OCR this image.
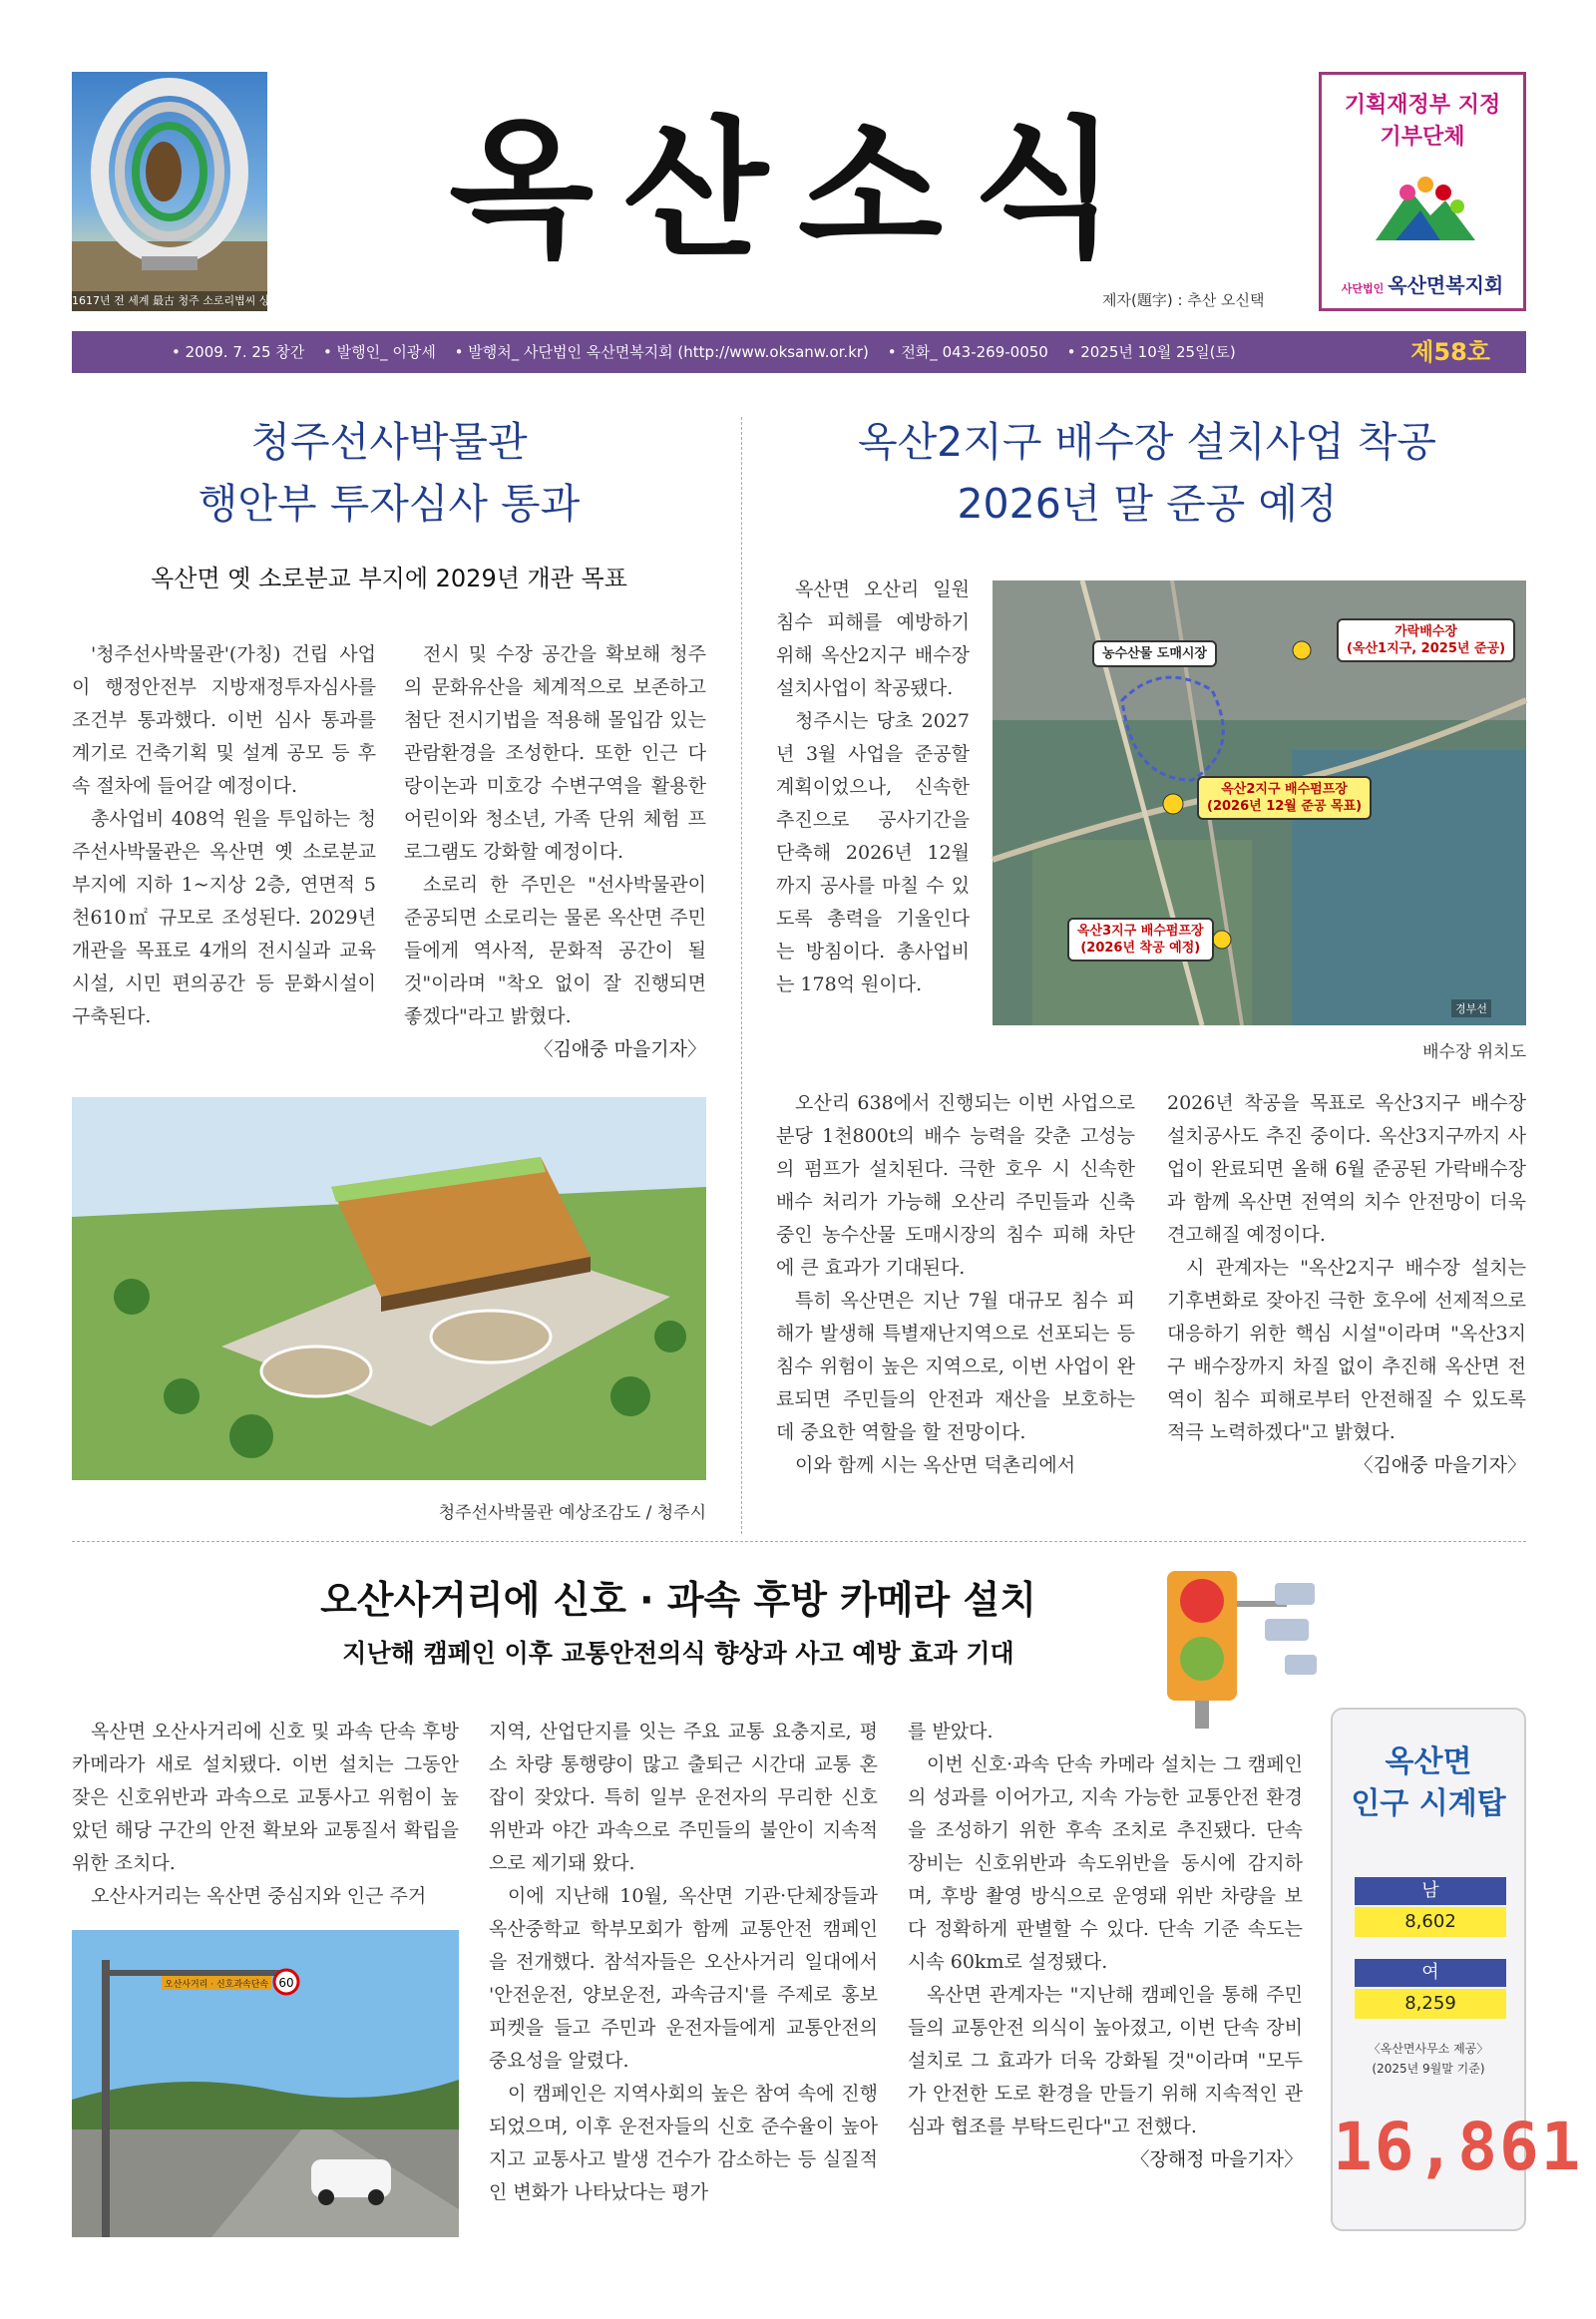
1617년 전 세계 最古 청주 소로리볍씨 상징탑
옥산소식
제자(題字) : 추산 오신택
기획재정부 지정
기부단체
사단법인 옥산면복지회
• 2009. 7. 25 창간 • 발행인_ 이광세 • 발행처_ 사단법인 옥산면복지회 (http://www.oksanw.or.kr) • 전화_ 043-269-0050 • 2025년 10월 25일(토)	제58호
청주선사박물관
행안부 투자심사 통과
옥산면 옛 소로분교 부지에 2029년 개관 목표

'청주선사박물관'(가칭) 건립 사업이 행정안전부 지방재정투자심사를 조건부 통과했다. 이번 심사 통과를 계기로 건축기획 및 설계 공모 등 후속 절차에 들어갈 예정이다.

총사업비 408억 원을 투입하는 청주선사박물관은 옥산면 옛 소로분교 부지에 지하 1~지상 2층, 연면적 5천610㎡ 규모로 조성된다. 2029년 개관을 목표로 4개의 전시실과 교육시설, 시민 편의공간 등 문화시설이 구축된다.

전시 및 수장 공간을 확보해 청주의 문화유산을 체계적으로 보존하고 첨단 전시기법을 적용해 몰입감 있는 관람환경을 조성한다. 또한 인근 다랑이논과 미호강 수변구역을 활용한 어린이와 청소년, 가족 단위 체험 프로그램도 강화할 예정이다.

소로리 한 주민은 "선사박물관이 준공되면 소로리는 물론 옥산면 주민들에게 역사적, 문화적 공간이 될 것"이라며 "착오 없이 잘 진행되면 좋겠다"라고 밝혔다.

〈김애중 마을기자〉
청주선사박물관 예상조감도 / 청주시
옥산2지구 배수장 설치사업 착공
2026년 말 준공 예정

옥산면 오산리 일원 침수 피해를 예방하기 위해 옥산2지구 배수장 설치사업이 착공됐다.

청주시는 당초 2027년 3월 사업을 준공할 계획이었으나, 신속한 추진으로 공사기간을 단축해 2026년 12월까지 공사를 마칠 수 있도록 총력을 기울인다는 방침이다. 총사업비는 178억 원이다.

가락배수장
(옥산1지구, 2025년 준공)
농수산물 도매시장
옥산2지구 배수펌프장
(2026년 12월 준공 목표)
옥산3지구 배수펌프장
(2026년 착공 예정)
경부선
배수장 위치도

오산리 638에서 진행되는 이번 사업으로 분당 1천800t의 배수 능력을 갖춘 고성능의 펌프가 설치된다. 극한 호우 시 신속한 배수 처리가 가능해 오산리 주민들과 신축 중인 농수산물 도매시장의 침수 피해 차단에 큰 효과가 기대된다.

특히 옥산면은 지난 7월 대규모 침수 피해가 발생해 특별재난지역으로 선포되는 등 침수 위험이 높은 지역으로, 이번 사업이 완료되면 주민들의 안전과 재산을 보호하는 데 중요한 역할을 할 전망이다.

이와 함께 시는 옥산면 덕촌리에서

2026년 착공을 목표로 옥산3지구 배수장 설치공사도 추진 중이다. 옥산3지구까지 사업이 완료되면 올해 6월 준공된 가락배수장과 함께 옥산면 전역의 치수 안전망이 더욱 견고해질 예정이다.

시 관계자는 "옥산2지구 배수장 설치는 기후변화로 잦아진 극한 호우에 선제적으로 대응하기 위한 핵심 시설"이라며 "옥산3지구 배수장까지 차질 없이 추진해 옥산면 전역이 침수 피해로부터 안전해질 수 있도록 적극 노력하겠다"고 밝혔다.

〈김애중 마을기자〉
오산사거리에 신호 · 과속 후방 카메라 설치
지난해 캠페인 이후 교통안전의식 향상과 사고 예방 효과 기대

옥산면 오산사거리에 신호 및 과속 단속 후방 카메라가 새로 설치됐다. 이번 설치는 그동안 잦은 신호위반과 과속으로 교통사고 위험이 높았던 해당 구간의 안전 확보와 교통질서 확립을 위한 조치다.

오산사거리는 옥산면 중심지와 인근 주거

60
오산사거리 · 신호과속단속

지역, 산업단지를 잇는 주요 교통 요충지로, 평소 차량 통행량이 많고 출퇴근 시간대 교통 혼잡이 잦았다. 특히 일부 운전자의 무리한 신호위반과 야간 과속으로 주민들의 불안이 지속적으로 제기돼 왔다.

이에 지난해 10월, 옥산면 기관·단체장들과 옥산중학교 학부모회가 함께 교통안전 캠페인을 전개했다. 참석자들은 오산사거리 일대에서 '안전운전, 양보운전, 과속금지'를 주제로 홍보 피켓을 들고 주민과 운전자들에게 교통안전의 중요성을 알렸다.

이 캠페인은 지역사회의 높은 참여 속에 진행되었으며, 이후 운전자들의 신호 준수율이 높아지고 교통사고 발생 건수가 감소하는 등 실질적인 변화가 나타났다는 평가

를 받았다.

이번 신호·과속 단속 카메라 설치는 그 캠페인의 성과를 이어가고, 지속 가능한 교통안전 환경을 조성하기 위한 후속 조치로 추진됐다. 단속 장비는 신호위반과 속도위반을 동시에 감지하며, 후방 촬영 방식으로 운영돼 위반 차량을 보다 정확하게 판별할 수 있다. 단속 기준 속도는 시속 60km로 설정됐다.

옥산면 관계자는 "지난해 캠페인을 통해 주민들의 교통안전 의식이 높아졌고, 이번 단속 장비 설치로 그 효과가 더욱 강화될 것"이라며 "모두가 안전한 도로 환경을 만들기 위해 지속적인 관심과 협조를 부탁드린다"고 전했다.

〈장해정 마을기자〉
옥산면
인구 시계탑
남
8,602
여
8,259
〈옥산면사무소 제공〉
(2025년 9월말 기준)
16,861
